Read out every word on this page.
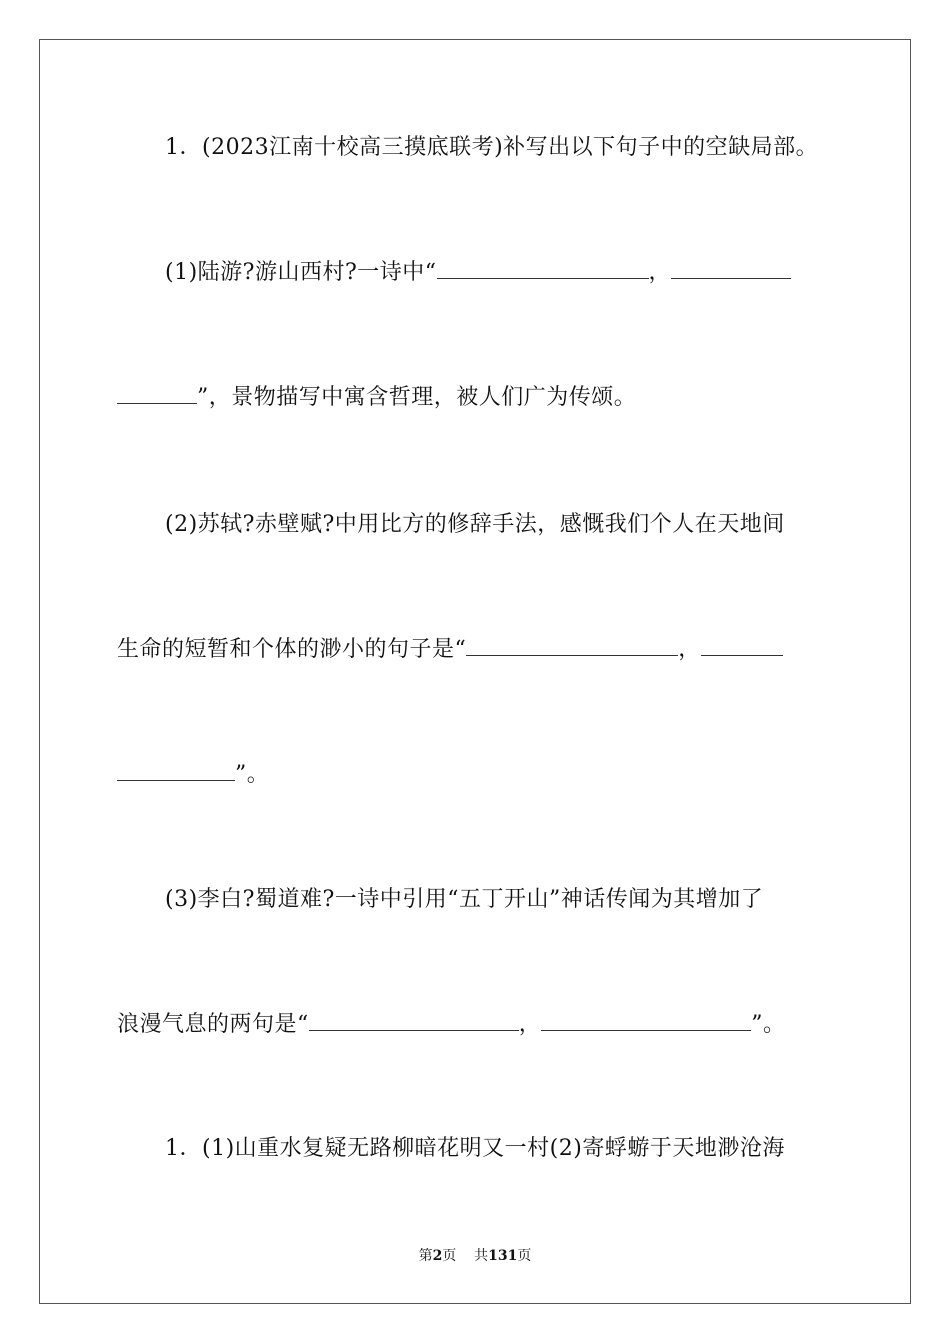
1．(2023江南十校高三摸底联考)补写出以下句子中的空缺局部。
(1)陆游?游山西村?一诗中“	，
”，景物描写中寓含哲理，被人们广为传颂。
(2)苏轼?赤壁赋?中用比方的修辞手法，感慨我们个人在天地间
生命的短暂和个体的渺小的句子是“	，
”。
(3)李白?蜀道难?一诗中引用“五丁开山”神话传闻为其增加了
浪漫气息的两句是“	，	”。
1．(1)山重水复疑无路柳暗花明又一村(2)寄蜉蝣于天地渺沧海
第2页 共131页
